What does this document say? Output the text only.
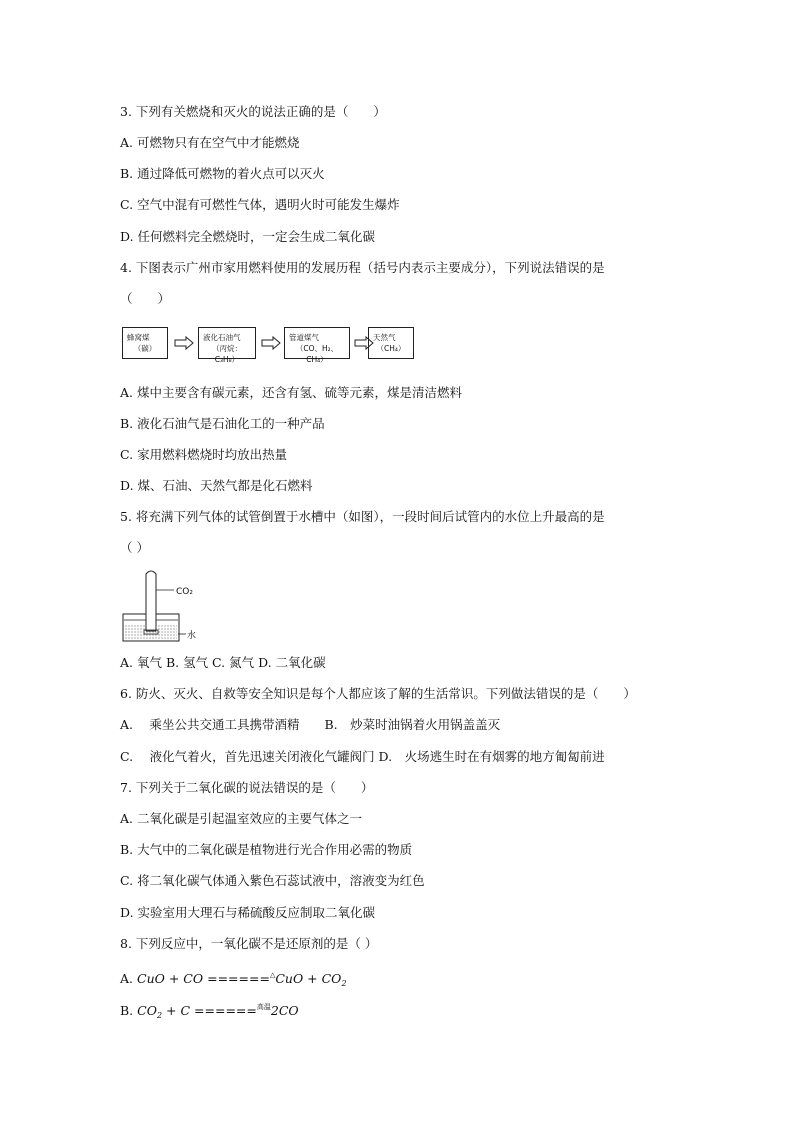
3. 下列有关燃烧和灭火的说法正确的是（　　）
A. 可燃物只有在空气中才能燃烧
B. 通过降低可燃物的着火点可以灭火
C. 空气中混有可燃性气体，遇明火时可能发生爆炸
D. 任何燃料完全燃烧时，一定会生成二氧化碳
4. 下图表示广州市家用燃料使用的发展历程（括号内表示主要成分），下列说法错误的是
（　　）
蜂窝煤
（碳）
液化石油气
（丙烷：C₃H₈）
管道煤气
（CO、H₂、CH₄）
天然气
（CH₄）
A. 煤中主要含有碳元素，还含有氢、硫等元素，煤是清洁燃料
B. 液化石油气是石油化工的一种产品
C. 家用燃料燃烧时均放出热量
D. 煤、石油、天然气都是化石燃料
5. 将充满下列气体的试管倒置于水槽中（如图），一段时间后试管内的水位上升最高的是
（ ）
CO₂
水
A. 氧气 B. 氢气 C. 氮气 D. 二氧化碳
6. 防火、灭火、自救等安全知识是每个人都应该了解的生活常识。下列做法错误的是（　　）
A.　 乘坐公共交通工具携带酒精　　B.　炒菜时油锅着火用锅盖盖灭
C.　 液化气着火，首先迅速关闭液化气罐阀门 D.　火场逃生时在有烟雾的地方匍匐前进
7. 下列关于二氧化碳的说法错误的是（　　）
A. 二氧化碳是引起温室效应的主要气体之一
B. 大气中的二氧化碳是植物进行光合作用必需的物质
C. 将二氧化碳气体通入紫色石蕊试液中，溶液变为红色
D. 实验室用大理石与稀硫酸反应制取二氧化碳
8. 下列反应中，一氧化碳不是还原剂的是（ ）
A. CuO + CO $======^\triangle CuO + CO_2$
B. $CO_2 + C ======^{高温}2CO$
